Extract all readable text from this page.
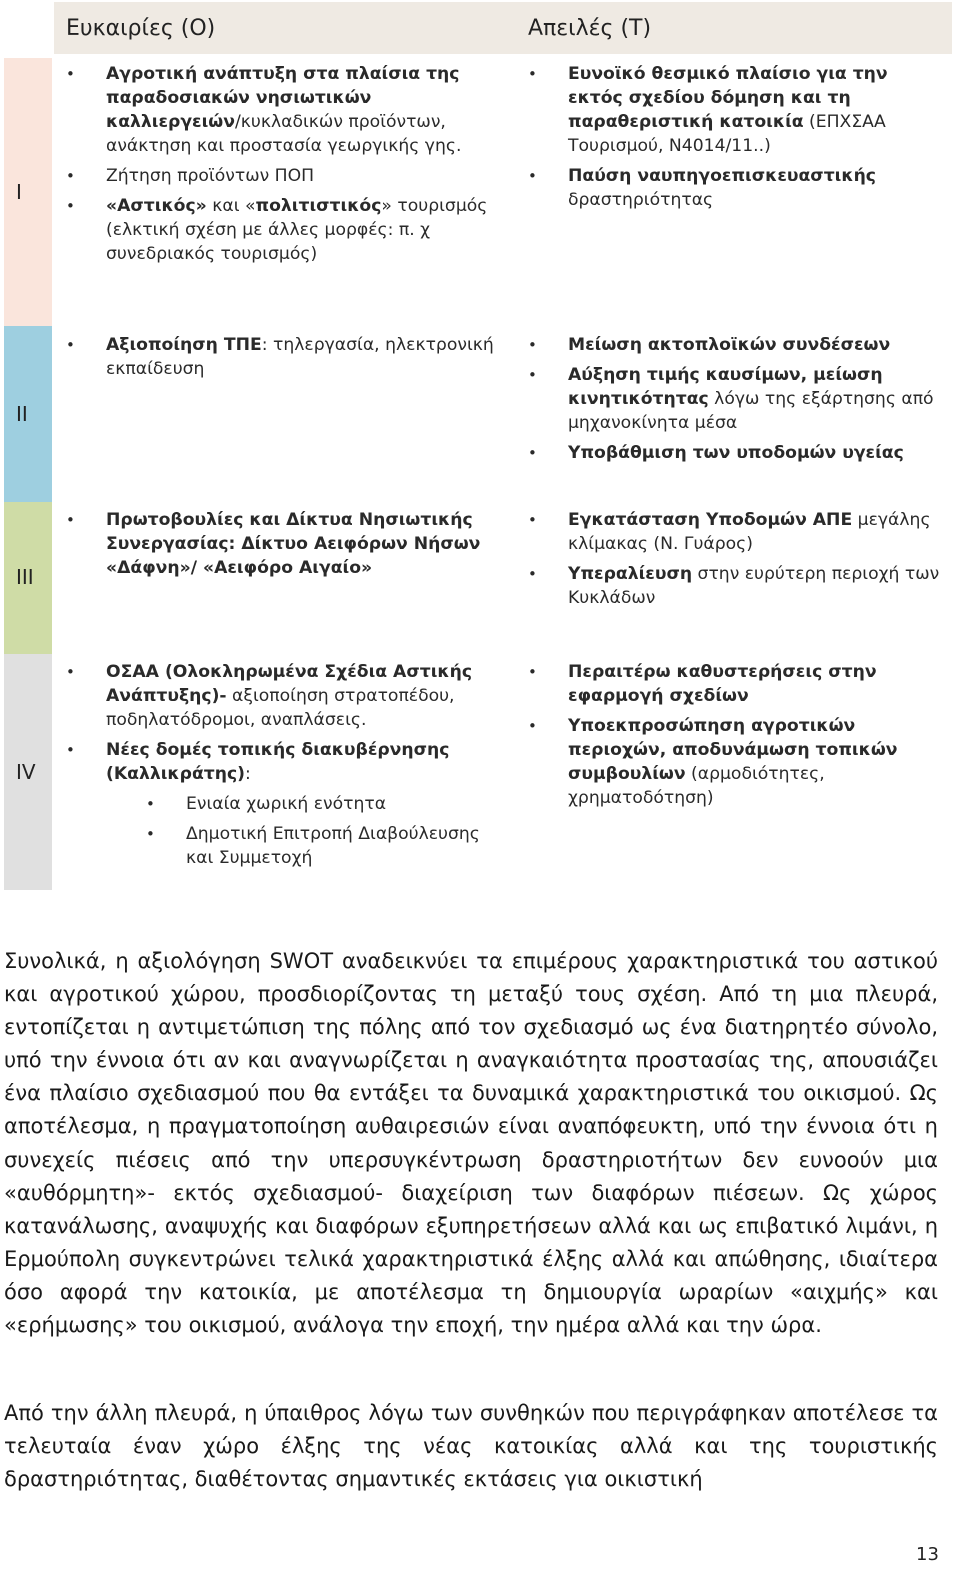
Ευκαιρίες (O)	Απειλές (T)
I
II
III
IV
• Αγροτική ανάπτυξη στα πλαίσια της παραδοσιακών νησιωτικών καλλιεργειών/κυκλαδικών προϊόντων, ανάκτηση και προστασία γεωργικής γης.
• Ζήτηση προϊόντων ΠΟΠ
• «Αστικός» και «πολιτιστικός» τουρισμός (ελκτική σχέση με άλλες μορφές: π. χ συνεδριακός τουρισμός)
• Ευνοϊκό θεσμικό πλαίσιο για την εκτός σχεδίου δόμηση και τη παραθεριστική κατοικία (ΕΠΧΣΑΑ Τουρισμού, Ν4014/11..)
• Παύση ναυπηγοεπισκευαστικής δραστηριότητας
• Αξιοποίηση ΤΠΕ: τηλεργασία, ηλεκτρονική εκπαίδευση
• Μείωση ακτοπλοϊκών συνδέσεων
• Αύξηση τιμής καυσίμων, μείωση κινητικότητας λόγω της εξάρτησης από μηχανοκίνητα μέσα
• Υποβάθμιση των υποδομών υγείας
• Πρωτοβουλίες και Δίκτυα Νησιωτικής Συνεργασίας: Δίκτυο Αειφόρων Νήσων «Δάφνη»/ «Αειφόρο Αιγαίο»
• Εγκατάσταση Υποδομών ΑΠΕ μεγάλης κλίμακας (Ν. Γυάρος)
• Υπεραλίευση στην ευρύτερη περιοχή των Κυκλάδων
• ΟΣΑΑ (Ολοκληρωμένα Σχέδια Αστικής Ανάπτυξης)- αξιοποίηση στρατοπέδου, ποδηλατόδρομοι, αναπλάσεις.
• Νέες δομές τοπικής διακυβέρνησης (Καλλικράτης):
• Ενιαία χωρική ενότητα
• Δημοτική Επιτροπή Διαβούλευσης και Συμμετοχή
• Περαιτέρω καθυστερήσεις στην εφαρμογή σχεδίων
• Υποεκπροσώπηση αγροτικών περιοχών, αποδυνάμωση τοπικών συμβουλίων (αρμοδιότητες, χρηματοδότηση)

Συνολικά, η αξιολόγηση SWOT αναδεικνύει τα επιμέρους χαρακτηριστικά του αστικού και αγροτικού χώρου, προσδιορίζοντας τη μεταξύ τους σχέση. Από τη μια πλευρά, εντοπίζεται η αντιμετώπιση της πόλης από τον σχεδιασμό ως ένα διατηρητέο σύνολο, υπό την έννοια ότι αν και αναγνωρίζεται η αναγκαιότητα προστασίας της, απουσιάζει ένα πλαίσιο σχεδιασμού που θα εντάξει τα δυναμικά χαρακτηριστικά του οικισμού. Ως αποτέλεσμα, η πραγματοποίηση αυθαιρεσιών είναι αναπόφευκτη, υπό την έννοια ότι η συνεχείς πιέσεις από την υπερσυγκέντρωση δραστηριοτήτων δεν ευνοούν μια «αυθόρμητη»- εκτός σχεδιασμού- διαχείριση των διαφόρων πιέσεων. Ως χώρος κατανάλωσης, αναψυχής και διαφόρων εξυπηρετήσεων αλλά και ως επιβατικό λιμάνι, η Ερμούπολη συγκεντρώνει τελικά χαρακτηριστικά έλξης αλλά και απώθησης, ιδιαίτερα όσο αφορά την κατοικία, με αποτέλεσμα τη δημιουργία ωραρίων «αιχμής» και «ερήμωσης» του οικισμού, ανάλογα την εποχή, την ημέρα αλλά και την ώρα.

Από την άλλη πλευρά, η ύπαιθρος λόγω των συνθηκών που περιγράφηκαν αποτέλεσε τα τελευταία έναν χώρο έλξης της νέας κατοικίας αλλά και της τουριστικής δραστηριότητας, διαθέτοντας σημαντικές εκτάσεις για οικιστική

13
